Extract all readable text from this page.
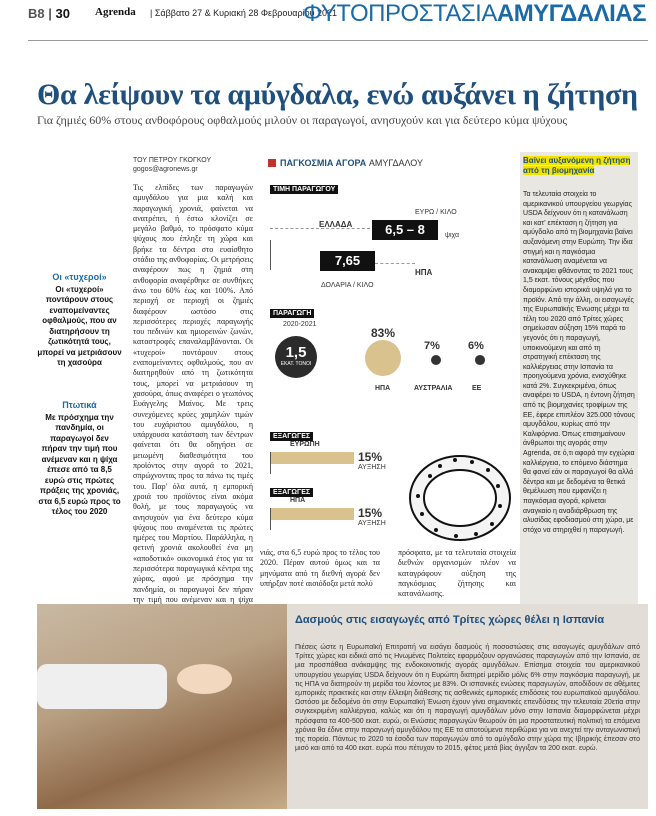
B8 | 30 Agrenda | Σάββατο 27 & Κυριακή 28 Φεβρουαρίου 2021
ΦΥΤΟΠΡΟΣΤΑΣΙΑΑΜΥΓΔΑΛΙΑΣ
Θα λείψουν τα αμύγδαλα, ενώ αυξάνει η ζήτηση
Για ζημιές 60% στους ανθοφόρους οφθαλμούς μιλούν οι παραγωγοί, ανησυχούν και για δεύτερο κύμα ψύχους
ΤΟΥ ΠΕΤΡΟΥ ΓΚΟΓΚΟΥ
gogos@agronews.gr
Τις ελπίδες των παραγωγών αμυγδάλου για μια καλή και παραγωγική χρονιά, φαίνεται να ανατρέπει, ή έστω κλονίζει σε μεγάλο βαθμό, το πρόσφατο κύμα ψύχους που έπληξε τη χώρα και βρήκε τα δέντρα στο ευαίσθητο στάδιο της ανθοφορίας. Οι μετρήσεις αναφέρουν πως η ζημιά στη ανθοφορία αναφέρθηκε σε συνθήκες άνω του 60% έως και 100%. Από περιοχή σε περιοχή οι ζημιές διαφέρουν ωστόσο στις περισσότερες περιοχές παραγωγής του πεδινών και ημιορεινών ζωνών, καταστροφές επαναλαμβάνονται. Οι «τυχεροί» ποντάρουν στους εναπομείναντες οφθαλμούς, που αν διατηρηθούν από τη ζωτικότητα τους, μπορεί να μετριάσουν τη χασούρα, όπως αναφέρει ο γεωπόνος Ευάγγελης Μαίνος. Με τρεις συνεχόμενες κρύες χαμηλών τιμών του ευχάριστου αμυγδάλου, η υπάρχουσα κατάσταση των δέντρων φαίνεται ότι θα οδηγήσει σε μειωμένη διαθεσιμότητα του προϊόντος στην αγορά το 2021, σπρώχνοντας προς τα πάνω τις τιμές του. Παρ' όλα αυτά, η εμπορική χροιά του προϊόντος είναι ακόμα θολή, με τους παραγωγούς να ανησυχούν για ένα δεύτερο κύμα ψύχους που αναμένεται τις πρώτες ημέρες του Μαρτίου. Παράλληλα, η φετινή χρονιά ακολουθεί ένα μη «αποδοτικό» οικονομικά έτος για τα περισσότερα παραγωγικά κέντρα της χώρας, αφού με πρόσχημα την πανδημία, οι παραγωγοί δεν πήραν την τιμή που ανέμεναν και η ψίχα
νιάς, στα 6,5 ευρώ προς το τέλος του 2020. Πέραν αυτού όμως και τα μηνύματα από τη διεθνή αγορά δεν υπήρξαν ποτέ αισιόδοξα μετά πολύ
πρόσφατα, με τα τελευταία στοιχεία διεθνών οργανισμών πλέον να καταγράφουν αύξηση της παγκόσμιας ζήτησης και κατανάλωσης.
Οι «τυχεροί»
Οι «τυχεροί» ποντάρουν στους εναπομείναντες οφθαλμούς, που αν διατηρήσουν τη ζωτικότητά τους, μπορεί να μετριάσουν τη χασούρα
Πτωτικά
Με πρόσχημα την πανδημία, οι παραγωγοί δεν πήραν την τιμή που ανέμεναν και η ψίχα έπεσε από τα 8,5 ευρώ στις πρώτες πράξεις της χρονιάς, στα 6,5 ευρώ προς το τέλος του 2020
ΠΑΓΚΟΣΜΙΑ ΑΓΟΡΑ ΑΜΥΓΔΑΛΟΥ
ΤΙΜΗ ΠΑΡΑΓΩΓΟΥ
ΕΥΡΩ / ΚΙΛΟ
ΕΛΛΑΔΑ	6,5 – 8	ψιχα
7,65
ΗΠΑ
ΔΟΛΑΡΙΑ / ΚΙΛΟ
ΠΑΡΑΓΩΓΗ
2020-2021
1,5
ΕΚΑΤ. ΤΟΝΟΙ
83%
ΗΠΑ
7%
ΑΥΣΤΡΑΛΙΑ
6%
ΕΕ
ΕΞΑΓΩΓΕΣ
ΕΥΡΩΠΗ
15%
ΑΥΞΗΣΗ
ΕΞΑΓΩΓΕΣ
ΗΠΑ
15%
ΑΥΞΗΣΗ
Βαίνει αυξανόμενη η ζήτηση από τη βιομηχανία
Τα τελευταία στοιχεία το αμερικανικού υπουργείου γεωργίας USDA δείχνουν ότι η κατανάλωση και κατ' επέκταση η ζήτηση για αμύγδαλο από τη βιομηχανία βαίνει αυξανόμενη στην Ευρώπη. Την ίδια στιγμή και η παγκόσμια κατανάλωση αναμένεται να ανακαμψει φθάνοντας το 2021 τους 1,5 εκατ. τόνους μέγεθος που διαμορφώνει ιστορικά υψηλά για το προϊόν. Από την άλλη, οι εισαγωγές της Ευρωπαϊκής Ένωσης μέχρι τα τέλη του 2020 από Τρίτες χώρες σημείωσαν αύξηση 15% παρά το γεγονός ότι η παραγωγή, υποκινούμενη και από τη στρατηγική επέκταση της καλλιέργειας στην Ισπανία τα προηγούμενα χρόνια, ενισχύθηκε κατά 2%. Συγκεκριμένα, όπως αναφέρει το USDA, η έντονη ζήτηση από τις βιομηχανίες τροφίμων της ΕΕ, έφερε επιπλέον 325.000 τόνους αμυγδάλου, κυρίως από την Καλιφόρνια. Όπως επισημαίνουν άνθρωποι της αγοράς στην Agrenda, σε ό,τι αφορά την εγχώρια καλλιέργεια, το επόμενο διάστημα θα φανεί εάν οι παραγωγοί θα αλλά δέντρα και με δεδομένα τα θετικά θεμέλιωση που εμφανίζει η παγκόσμια αγορά, κρίνεται αναγκαίο η αναδιάρθρωση της αλυσίδας εφοδιασμού στη χώρα, με στόχο να στηριχθεί η παραγωγή.
Δασμούς στις εισαγωγές από Τρίτες χώρες θέλει η Ισπανία
Πιέσεις ώστε η Ευρωπαϊκή Επιτροπή να εισάγει δασμούς ή ποσοστώσεις στις εισαγωγές αμυγδάλων από Τρίτες χώρες και ειδικά από τις Ηνωμένες Πολιτείες εφαρμόζουν οργανώσεις παραγωγών από την Ισπανία, σε μια προσπάθεια ανάκαμψης της ενδοκοινοτικής αγοράς αμυγδάλων. Επίσημα στοιχεία του αμερικανικού υπουργείου γεωργίας USDA δείχνουν ότι η Ευρώπη διατηρεί μερίδιο μόλις 6% στην παγκόσμια παραγωγή, με τις ΗΠΑ να διατηρούν τη μερίδα του λέοντος με 83%. Οι ισπανικές ενώσεις παραγωγών, αποδίδουν σε αθέμιτες εμπορικές πρακτικές και στην έλλειψη διάθεσης τις ασθενικές εμπορικές επιδόσεις του ευρωπαϊκού αμυγδάλου. Ωστόσο με δεδομένο ότι στην Ευρωπαϊκή Ένωση έχουν γίνει σημαντικές επενδύσεις την τελευταία 20ετία στην συγκεκριμένη καλλιέργεια, καλώς και ότι η παραγωγή αμυγδάλων μόνο στην Ισπανία διαμορφώνεται μέχρι πρόσφατα τα 400-500 εκατ. ευρώ, οι Ενώσεις παραγωγών θεωρούν ότι μια προστατευτική πολιτική τα επόμενα χρόνια θα έδινε στην παραγωγή αμυγδάλου της ΕΕ τα αποτούμενα περιθώρια για να ανεχτεί την ανταγωνιστική της πορεία. Πάντως το 2020 τα έσοδα των παραγωγών από το αμύγδαλο στην χώρα της Ιβηρικής έπεσαν στο μισό και από τα 400 εκατ. ευρώ που πέτυχαν το 2015, φέτος μετά βίας άγγιξαν τα 200 εκατ. ευρώ.
